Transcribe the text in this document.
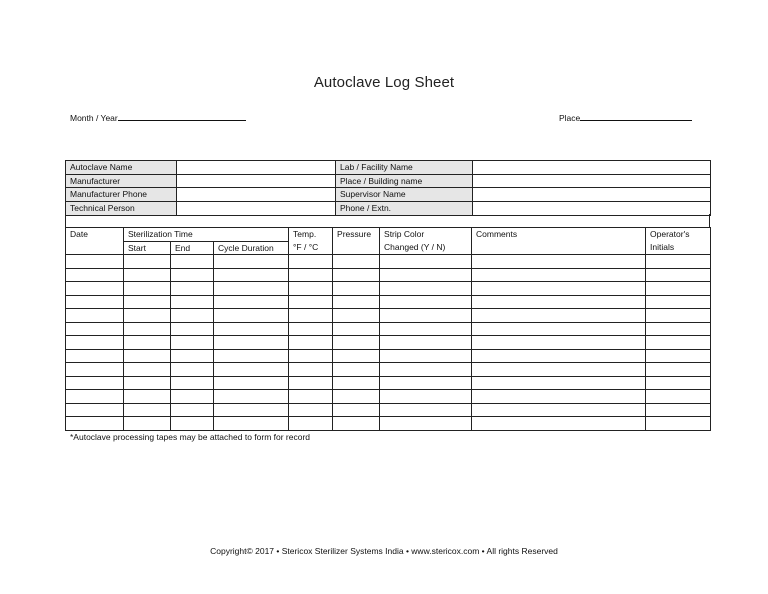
Autoclave Log Sheet
Month / Year	Place
Autoclave Name		Lab / Facility Name	
Manufacturer		Place / Building name	
Manufacturer Phone		Supervisor Name	
Technical Person		Phone / Extn.	
Date	Sterilization Time			Temp.	Pressure	Strip Color	Comments	Operator's
	Start	End	Cycle Duration	°F / °C		Changed (Y / N)		Initials

*Autoclave processing tapes may be attached to form for record
Copyright© 2017 • Stericox Sterilizer Systems India • www.stericox.com • All rights Reserved
